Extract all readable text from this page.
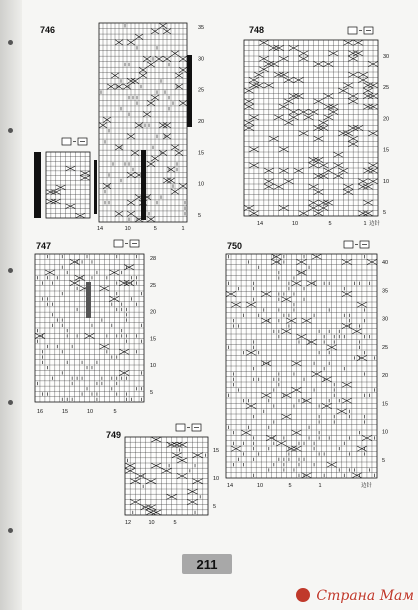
746	35
30
25
20
15
10
5
14	10	5	1
748
30
25
20
15
10
5
14	10	5	1 边针
747
28
25
20
15
10
5
16	15	10	5
750
40
35
30
25
20
15
10
5
14	10	5	1	边针
749
15
10
5
12	10	5
211
Страна Мам
